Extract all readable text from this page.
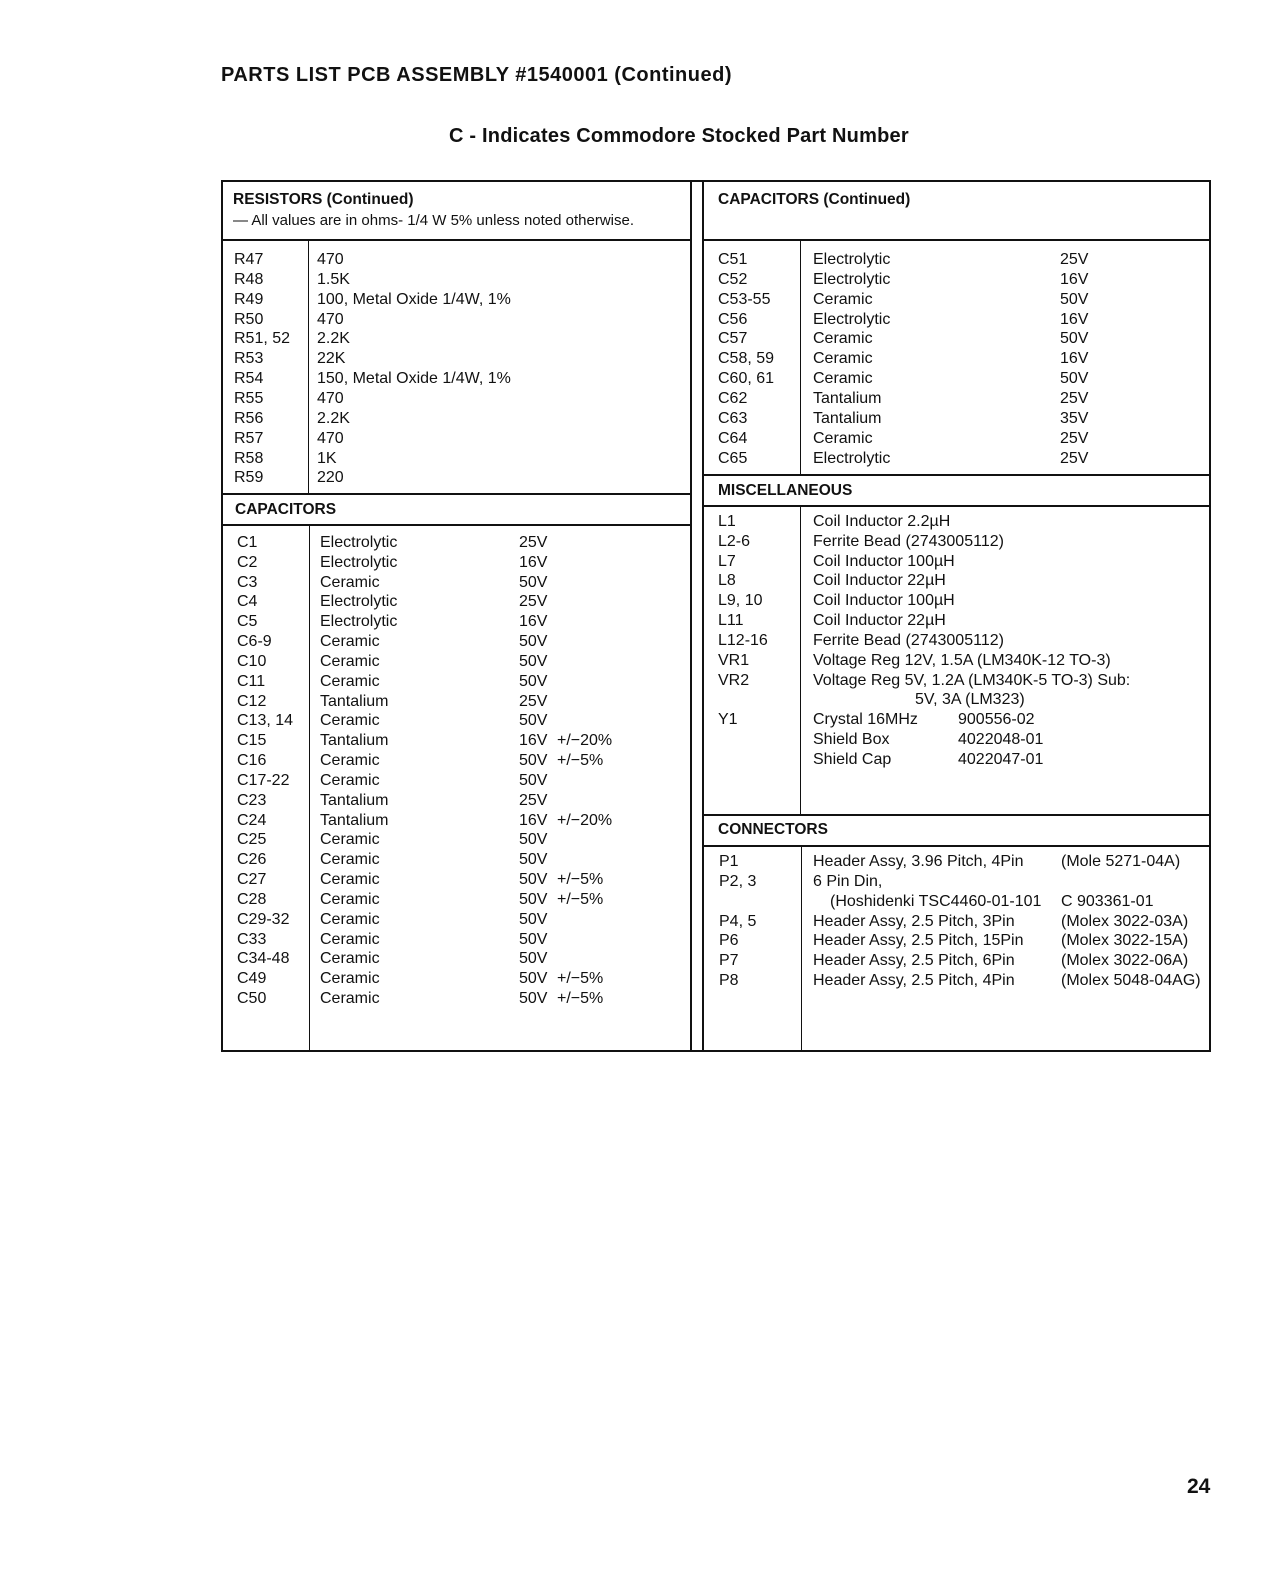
PARTS LIST PCB ASSEMBLY #1540001 (Continued)
C - Indicates Commodore Stocked Part Number
RESISTORS (Continued)
— All values are in ohms- 1/4 W 5% unless noted otherwise.
CAPACITORS
CAPACITORS (Continued)
MISCELLANEOUS
CONNECTORS
24
R47	470
R48	1.5K
R49	100, Metal Oxide 1/4W, 1%
R50	470
R51, 52 2.2K
R53	22K
R54	150, Metal Oxide 1/4W, 1%
R55	470
R56	2.2K
R57	470
R58	1K
R59	220
C1	Electrolytic	25V
C2	Electrolytic	16V
C3	Ceramic	50V
C4	Electrolytic	25V
C5	Electrolytic	16V
C6-9	Ceramic	50V
C10	Ceramic	50V
C11	Ceramic	50V
C12	Tantalium	25V
C13, 14 Ceramic	50V
C15	Tantalium	16V +/−20%
C16	Ceramic	50V +/−5%
C17-22 Ceramic	50V
C23	Tantalium	25V
C24	Tantalium	16V +/−20%
C25	Ceramic	50V
C26	Ceramic	50V
C27	Ceramic	50V +/−5%
C28	Ceramic	50V +/−5%
C29-32 Ceramic	50V
C33	Ceramic	50V
C34-48 Ceramic	50V
C49	Ceramic	50V +/−5%
C50	Ceramic	50V +/−5%
C51	Electrolytic	25V
C52	Electrolytic	16V
C53-55	Ceramic	50V
C56	Electrolytic	16V
C57	Ceramic	50V
C58, 59 Ceramic	16V
C60, 61 Ceramic	50V
C62	Tantalium	25V
C63	Tantalium	35V
C64	Ceramic	25V
C65	Electrolytic	25V
L1	Coil Inductor 2.2µH
L2-6	Ferrite Bead (2743005112)
L7	Coil Inductor 100µH
L8	Coil Inductor 22µH
L9, 10	Coil Inductor 100µH
L11	Coil Inductor 22µH
L12-16	Ferrite Bead (2743005112)
VR1	Voltage Reg 12V, 1.5A (LM340K-12 TO-3)
VR2	Voltage Reg 5V, 1.2A (LM340K-5 TO-3) Sub:
5V, 3A (LM323)
Y1	Crystal 16MHz	900556-02
Shield Box	4022048-01
Shield Cap	4022047-01
P1	Header Assy, 3.96 Pitch, 4Pin (Mole 5271-04A)
P2, 3	6 Pin Din,
(Hoshidenki TSC4460-01-101 C 903361-01
P4, 5	Header Assy, 2.5 Pitch, 3Pin	(Molex 3022-03A)
P6	Header Assy, 2.5 Pitch, 15Pin (Molex 3022-15A)
P7	Header Assy, 2.5 Pitch, 6Pin	(Molex 3022-06A)
P8	Header Assy, 2.5 Pitch, 4Pin	(Molex 5048-04AG)
